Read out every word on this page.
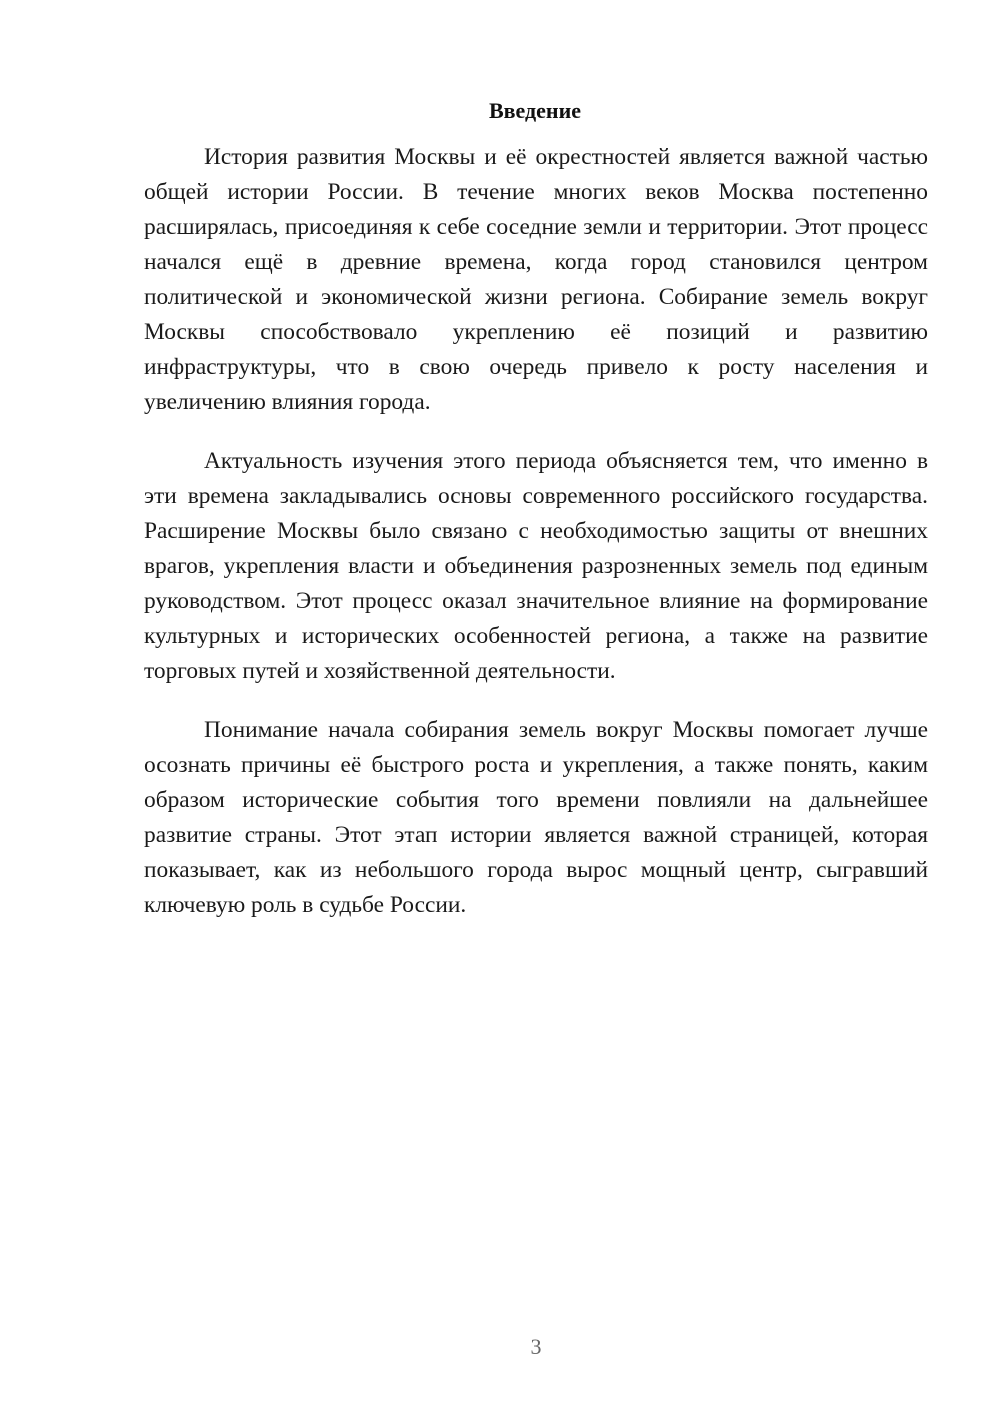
Введение

История развития Москвы и её окрестностей является важной частью общей истории России. В течение многих веков Москва постепенно расширялась, присоединяя к себе соседние земли и территории. Этот процесс начался ещё в древние времена, когда город становился центром политической и экономической жизни региона. Собирание земель вокруг Москвы способствовало укреплению её позиций и развитию инфраструктуры, что в свою очередь привело к росту населения и увеличению влияния города.

Актуальность изучения этого периода объясняется тем, что именно в эти времена закладывались основы современного российского государства. Расширение Москвы было связано с необходимостью защиты от внешних врагов, укрепления власти и объединения разрозненных земель под единым руководством. Этот процесс оказал значительное влияние на формирование культурных и исторических особенностей региона, а также на развитие торговых путей и хозяйственной деятельности.

Понимание начала собирания земель вокруг Москвы помогает лучше осознать причины её быстрого роста и укрепления, а также понять, каким образом исторические события того времени повлияли на дальнейшее развитие страны. Этот этап истории является важной страницей, которая показывает, как из небольшого города вырос мощный центр, сыгравший ключевую роль в судьбе России.

3
